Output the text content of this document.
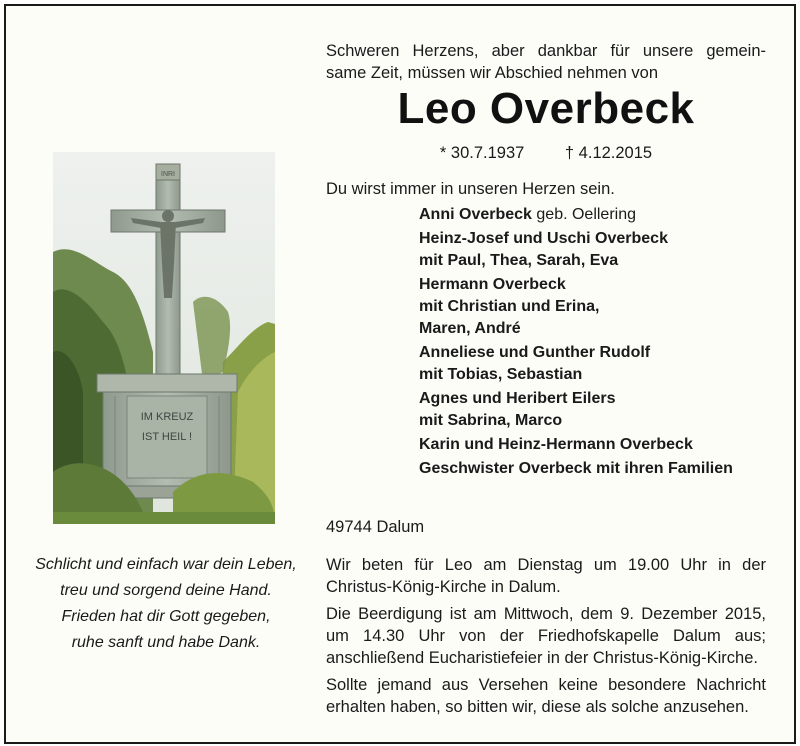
Schweren Herzens, aber dankbar für unsere gemein-

same Zeit, müssen wir Abschied nehmen von

Leo Overbeck
* 30.7.1937 † 4.12.2015
Du wirst immer in unseren Herzen sein.
Anni Overbeck geb. Oellering
Heinz-Josef und Uschi Overbeck
mit Paul, Thea, Sarah, Eva
Hermann Overbeck
mit Christian und Erina,
Maren, André
Anneliese und Gunther Rudolf
mit Tobias, Sebastian
Agnes und Heribert Eilers
mit Sabrina, Marco
Karin und Heinz-Hermann Overbeck
Geschwister Overbeck mit ihren Familien
49744 Dalum

Wir beten für Leo am Dienstag um 19.00 Uhr in der Christus-König-Kirche in Dalum.

Die Beerdigung ist am Mittwoch, dem 9. Dezember 2015, um 14.30 Uhr von der Friedhofskapelle Dalum aus; anschließend Eucharistiefeier in der Christus-König-Kirche.

Sollte jemand aus Versehen keine besondere Nachricht erhalten haben, so bitten wir, diese als solche anzusehen.

INRI
IM KREUZ
IST HEIL !
Schlicht und einfach war dein Leben,
treu und sorgend deine Hand.
Frieden hat dir Gott gegeben,
ruhe sanft und habe Dank.
